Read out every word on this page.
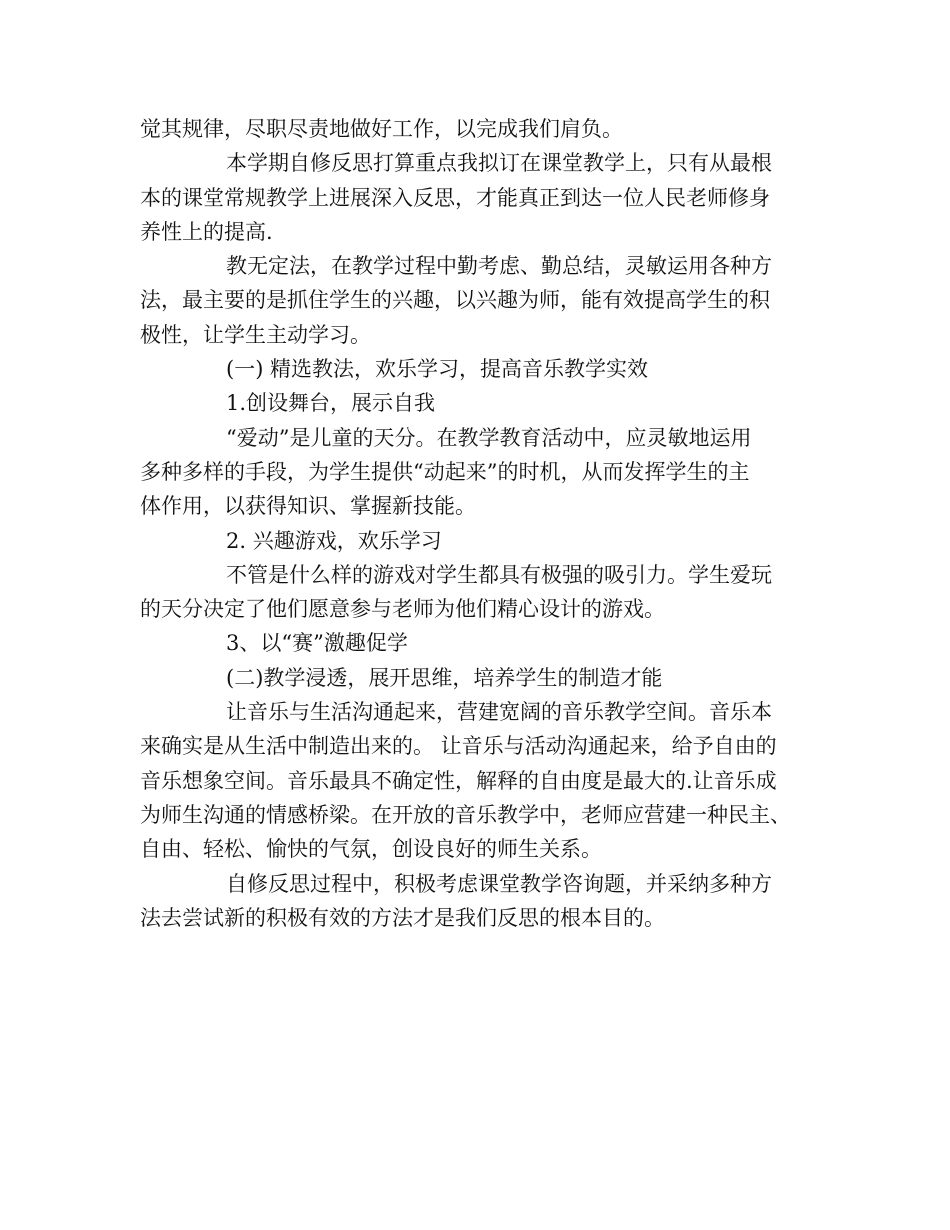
觉其规律，尽职尽责地做好工作，以完成我们肩负。
本学期自修反思打算重点我拟订在课堂教学上，只有从最根
本的课堂常规教学上进展深入反思，才能真正到达一位人民老师修身
养性上的提高.
教无定法，在教学过程中勤考虑、勤总结，灵敏运用各种方
法，最主要的是抓住学生的兴趣，以兴趣为师，能有效提高学生的积
极性，让学生主动学习。
(一) 精选教法，欢乐学习，提高音乐教学实效
1.创设舞台，展示自我
“爱动”是儿童的天分。在教学教育活动中，应灵敏地运用
多种多样的手段，为学生提供“动起来”的时机，从而发挥学生的主
体作用，以获得知识、掌握新技能。
2. 兴趣游戏，欢乐学习
不管是什么样的游戏对学生都具有极强的吸引力。学生爱玩
的天分决定了他们愿意参与老师为他们精心设计的游戏。
3、以“赛”激趣促学
(二)教学浸透，展开思维，培养学生的制造才能
让音乐与生活沟通起来，营建宽阔的音乐教学空间。音乐本
来确实是从生活中制造出来的。 让音乐与活动沟通起来，给予自由的
音乐想象空间。音乐最具不确定性，解释的自由度是最大的.让音乐成
为师生沟通的情感桥梁。在开放的音乐教学中，老师应营建一种民主、
自由、轻松、愉快的气氛，创设良好的师生关系。
自修反思过程中，积极考虑课堂教学咨询题，并采纳多种方
法去尝试新的积极有效的方法才是我们反思的根本目的。
